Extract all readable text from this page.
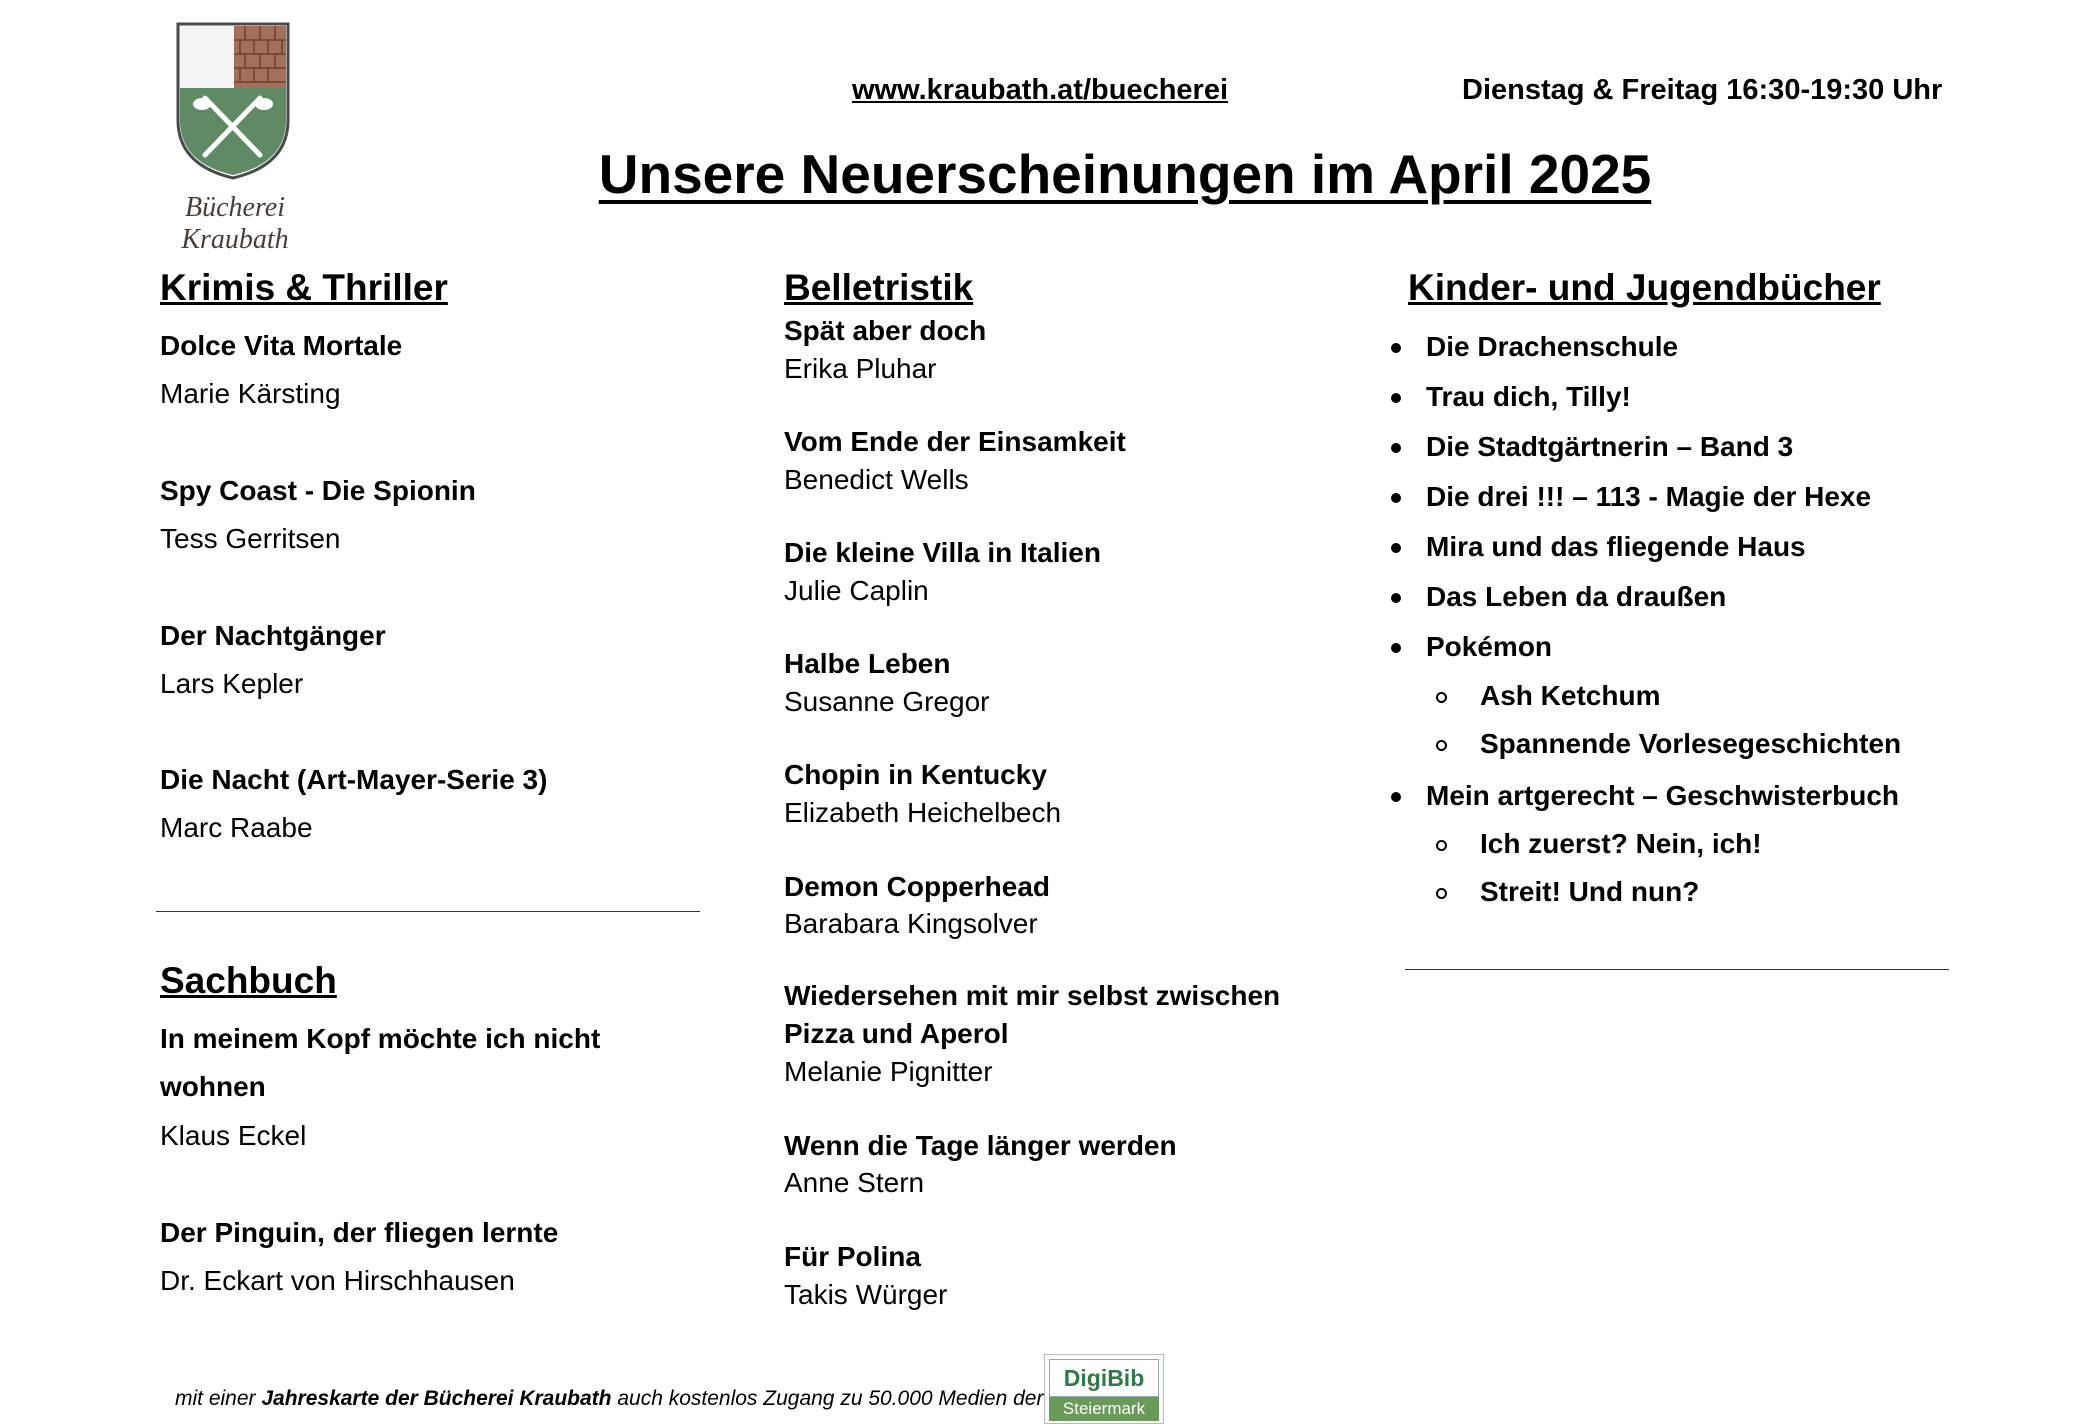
Bücherei
Kraubath
www.kraubath.at/buecherei	Dienstag & Freitag 16:30-19:30 Uhr
Unsere Neuerscheinungen im April 2025
Krimis & Thriller
Dolce Vita Mortale
Marie Kärsting
Spy Coast - Die Spionin
Tess Gerritsen
Der Nachtgänger
Lars Kepler
Die Nacht (Art-Mayer-Serie 3)
Marc Raabe
Sachbuch
In meinem Kopf möchte ich nicht
wohnen
Klaus Eckel
Der Pinguin, der fliegen lernte
Dr. Eckart von Hirschhausen
Belletristik
Spät aber doch
Erika Pluhar
Vom Ende der Einsamkeit
Benedict Wells
Die kleine Villa in Italien
Julie Caplin
Halbe Leben
Susanne Gregor
Chopin in Kentucky
Elizabeth Heichelbech
Demon Copperhead
Barabara Kingsolver
Wiedersehen mit mir selbst zwischen
Pizza und Aperol
Melanie Pignitter
Wenn die Tage länger werden
Anne Stern
Für Polina
Takis Würger
Kinder- und Jugendbücher
Die Drachenschule
Trau dich, Tilly!
Die Stadtgärtnerin – Band 3
Die drei !!! – 113 - Magie der Hexe
Mira und das fliegende Haus
Das Leben da draußen
Pokémon
Ash Ketchum
Spannende Vorlesegeschichten
Mein artgerecht – Geschwisterbuch
Ich zuerst? Nein, ich!
Streit! Und nun?
mit einer Jahreskarte der Bücherei Kraubath auch kostenlos Zugang zu 50.000 Medien der
DigiBib
Steiermark
